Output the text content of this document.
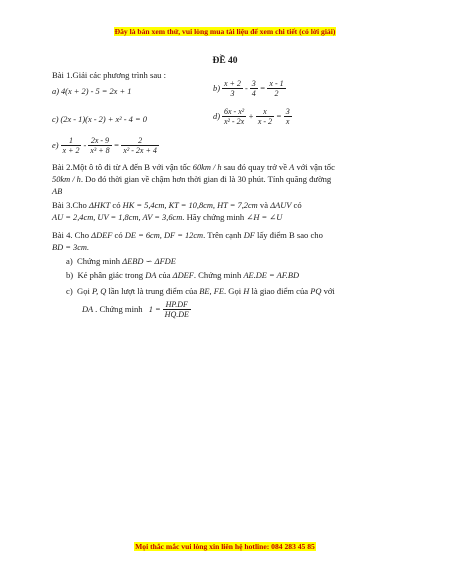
Đây là bản xem thử, vui lòng mua tài liệu để xem chi tiết (có lời giải)
ĐỀ 40
Bài 1.Giải các phương trình sau :
a) 4(x + 2) - 5 = 2x + 1	$b) \frac{x + 2}{3} - \frac{3}{4} = \frac{x - 1}{2}$
c) (2x - 1)(x - 2) + x² - 4 = 0	$d) \frac{\text{6x - x²}}{\text{x² - 2x}} + \frac{x}{x - 2} = \frac{3}{x}$
$e) \frac{1}{x + 2} - \frac{2x - 9}{\text{x³ + 8}} = \frac{2}{\text{x² - 2x + 4}}$
Bài 2.Một ô tô đi từ A đến B với vận tốc 60km / h sau đó quay trở về A với vận tốc
50km / h. Do đó thời gian về chậm hơn thời gian đi là 30 phút. Tính quãng đường
AB
Bài 3.Cho ΔHKT có HK = 5,4cm, KT = 10,8cm, HT = 7,2cm và ΔAUV có
AU = 2,4cm, UV = 1,8cm, AV = 3,6cm. Hãy chứng minh ∠H = ∠U
Bài 4. Cho ΔDEF có DE = 6cm, DF = 12cm. Trên cạnh DF lấy điểm B sao cho
BD = 3cm.
a) Chứng minh ΔEBD ∽ ΔFDE
b) Kẻ phân giác trong DA của ΔDEF. Chứng minh AE.DE = AF.BD
c) Gọi P, Q lần lượt là trung điểm của BE, FE. Gọi H là giao điểm của PQ với
DA . Chứng minh
$1 = \frac{HP.DF}{HQ.DE}$
Mọi thắc mắc vui lòng xin liên hệ hotline: 084 283 45 85
